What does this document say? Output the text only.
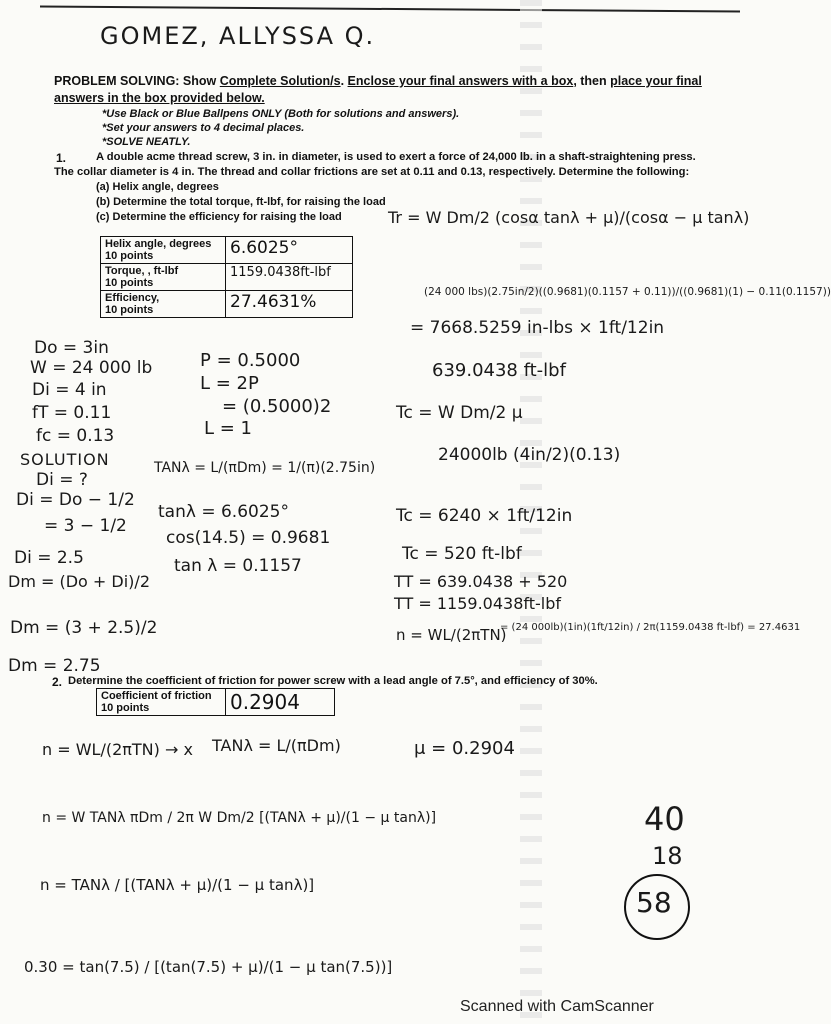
GOMEZ, ALLYSSA Q.
PROBLEM SOLVING: Show Complete Solution/s. Enclose your final answers with a box, then place your final
answers in the box provided below.
*Use Black or Blue Ballpens ONLY (Both for solutions and answers).
*Set your answers to 4 decimal places.
*SOLVE NEATLY.
1.	A double acme thread screw, 3 in. in diameter, is used to exert a force of 24,000 lb. in a shaft-straightening press.
The collar diameter is 4 in. The thread and collar frictions are set at 0.11 and 0.13, respectively. Determine the following:
(a) Helix angle, degrees
(b) Determine the total torque, ft-lbf, for raising the load
(c) Determine the efficiency for raising the load
Helix angle, degrees
10 points	6.6025°

Torque, , ft-lbf
10 points	1159.0438ft-lbf

Efficiency,
10 points	27.4631%
Do = 3in
W = 24 000 lb
Di = 4 in
fT = 0.11
fc = 0.13
SOLUTION
Di = ?
P = 0.5000
L = 2P
= (0.5000)2
L = 1
Di = Do − 1/2
= 3 − 1/2
Di = 2.5
Dm = (Do + Di)/2
Dm = (3 + 2.5)/2
Dm = 2.75
TANλ = L/(πDm) = 1/(π)(2.75in)
tanλ = 6.6025°
cos(14.5) = 0.9681
tan λ = 0.1157
Tr = W Dm/2 (cosα tanλ + μ)/(cosα − μ tanλ)
(24 000 lbs)(2.75in/2)((0.9681)(0.1157 + 0.11))/((0.9681)(1) − 0.11(0.1157))
= 7668.5259 in-lbs × 1ft/12in
639.0438 ft-lbf
Tc = W Dm/2 μ
24000lb (4in/2)(0.13)
Tc = 6240 × 1ft/12in
Tc = 520 ft-lbf
TT = 639.0438 + 520
TT = 1159.0438ft-lbf
n = WL/(2πTN)
= (24 000lb)(1in)(1ft/12in) / 2π(1159.0438 ft-lbf) = 27.4631
2. Determine the coefficient of friction for power screw with a lead angle of 7.5°, and efficiency of 30%.
Coefficient of friction
10 points	0.2904
n = WL/(2πTN) → x TANλ = L/(πDm)	μ = 0.2904
n = W TANλ πDm / 2π W Dm/2 [(TANλ + μ)/(1 − μ tanλ)]
n = TANλ / [(TANλ + μ)/(1 − μ tanλ)]
0.30 = tan(7.5) / [(tan(7.5) + μ)/(1 − μ tan(7.5))]
40
18
58
Scanned with CamScanner
